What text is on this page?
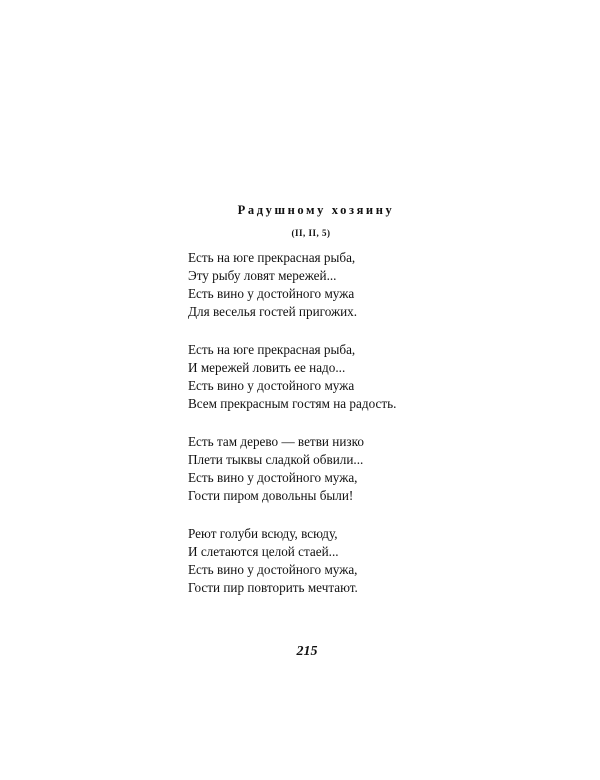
Радушному хозяину

(II, II, 5)

Есть на юге прекрасная рыба,
Эту рыбу ловят мережей...
Есть вино у достойного мужа
Для веселья гостей пригожих.
Есть на юге прекрасная рыба,
И мережей ловить ее надо...
Есть вино у достойного мужа
Всем прекрасным гостям на радость.
Есть там дерево — ветви низко
Плети тыквы сладкой обвили...
Есть вино у достойного мужа,
Гости пиром довольны были!
Реют голуби всюду, всюду,
И слетаются целой стаей...
Есть вино у достойного мужа,
Гости пир повторить мечтают.

215
